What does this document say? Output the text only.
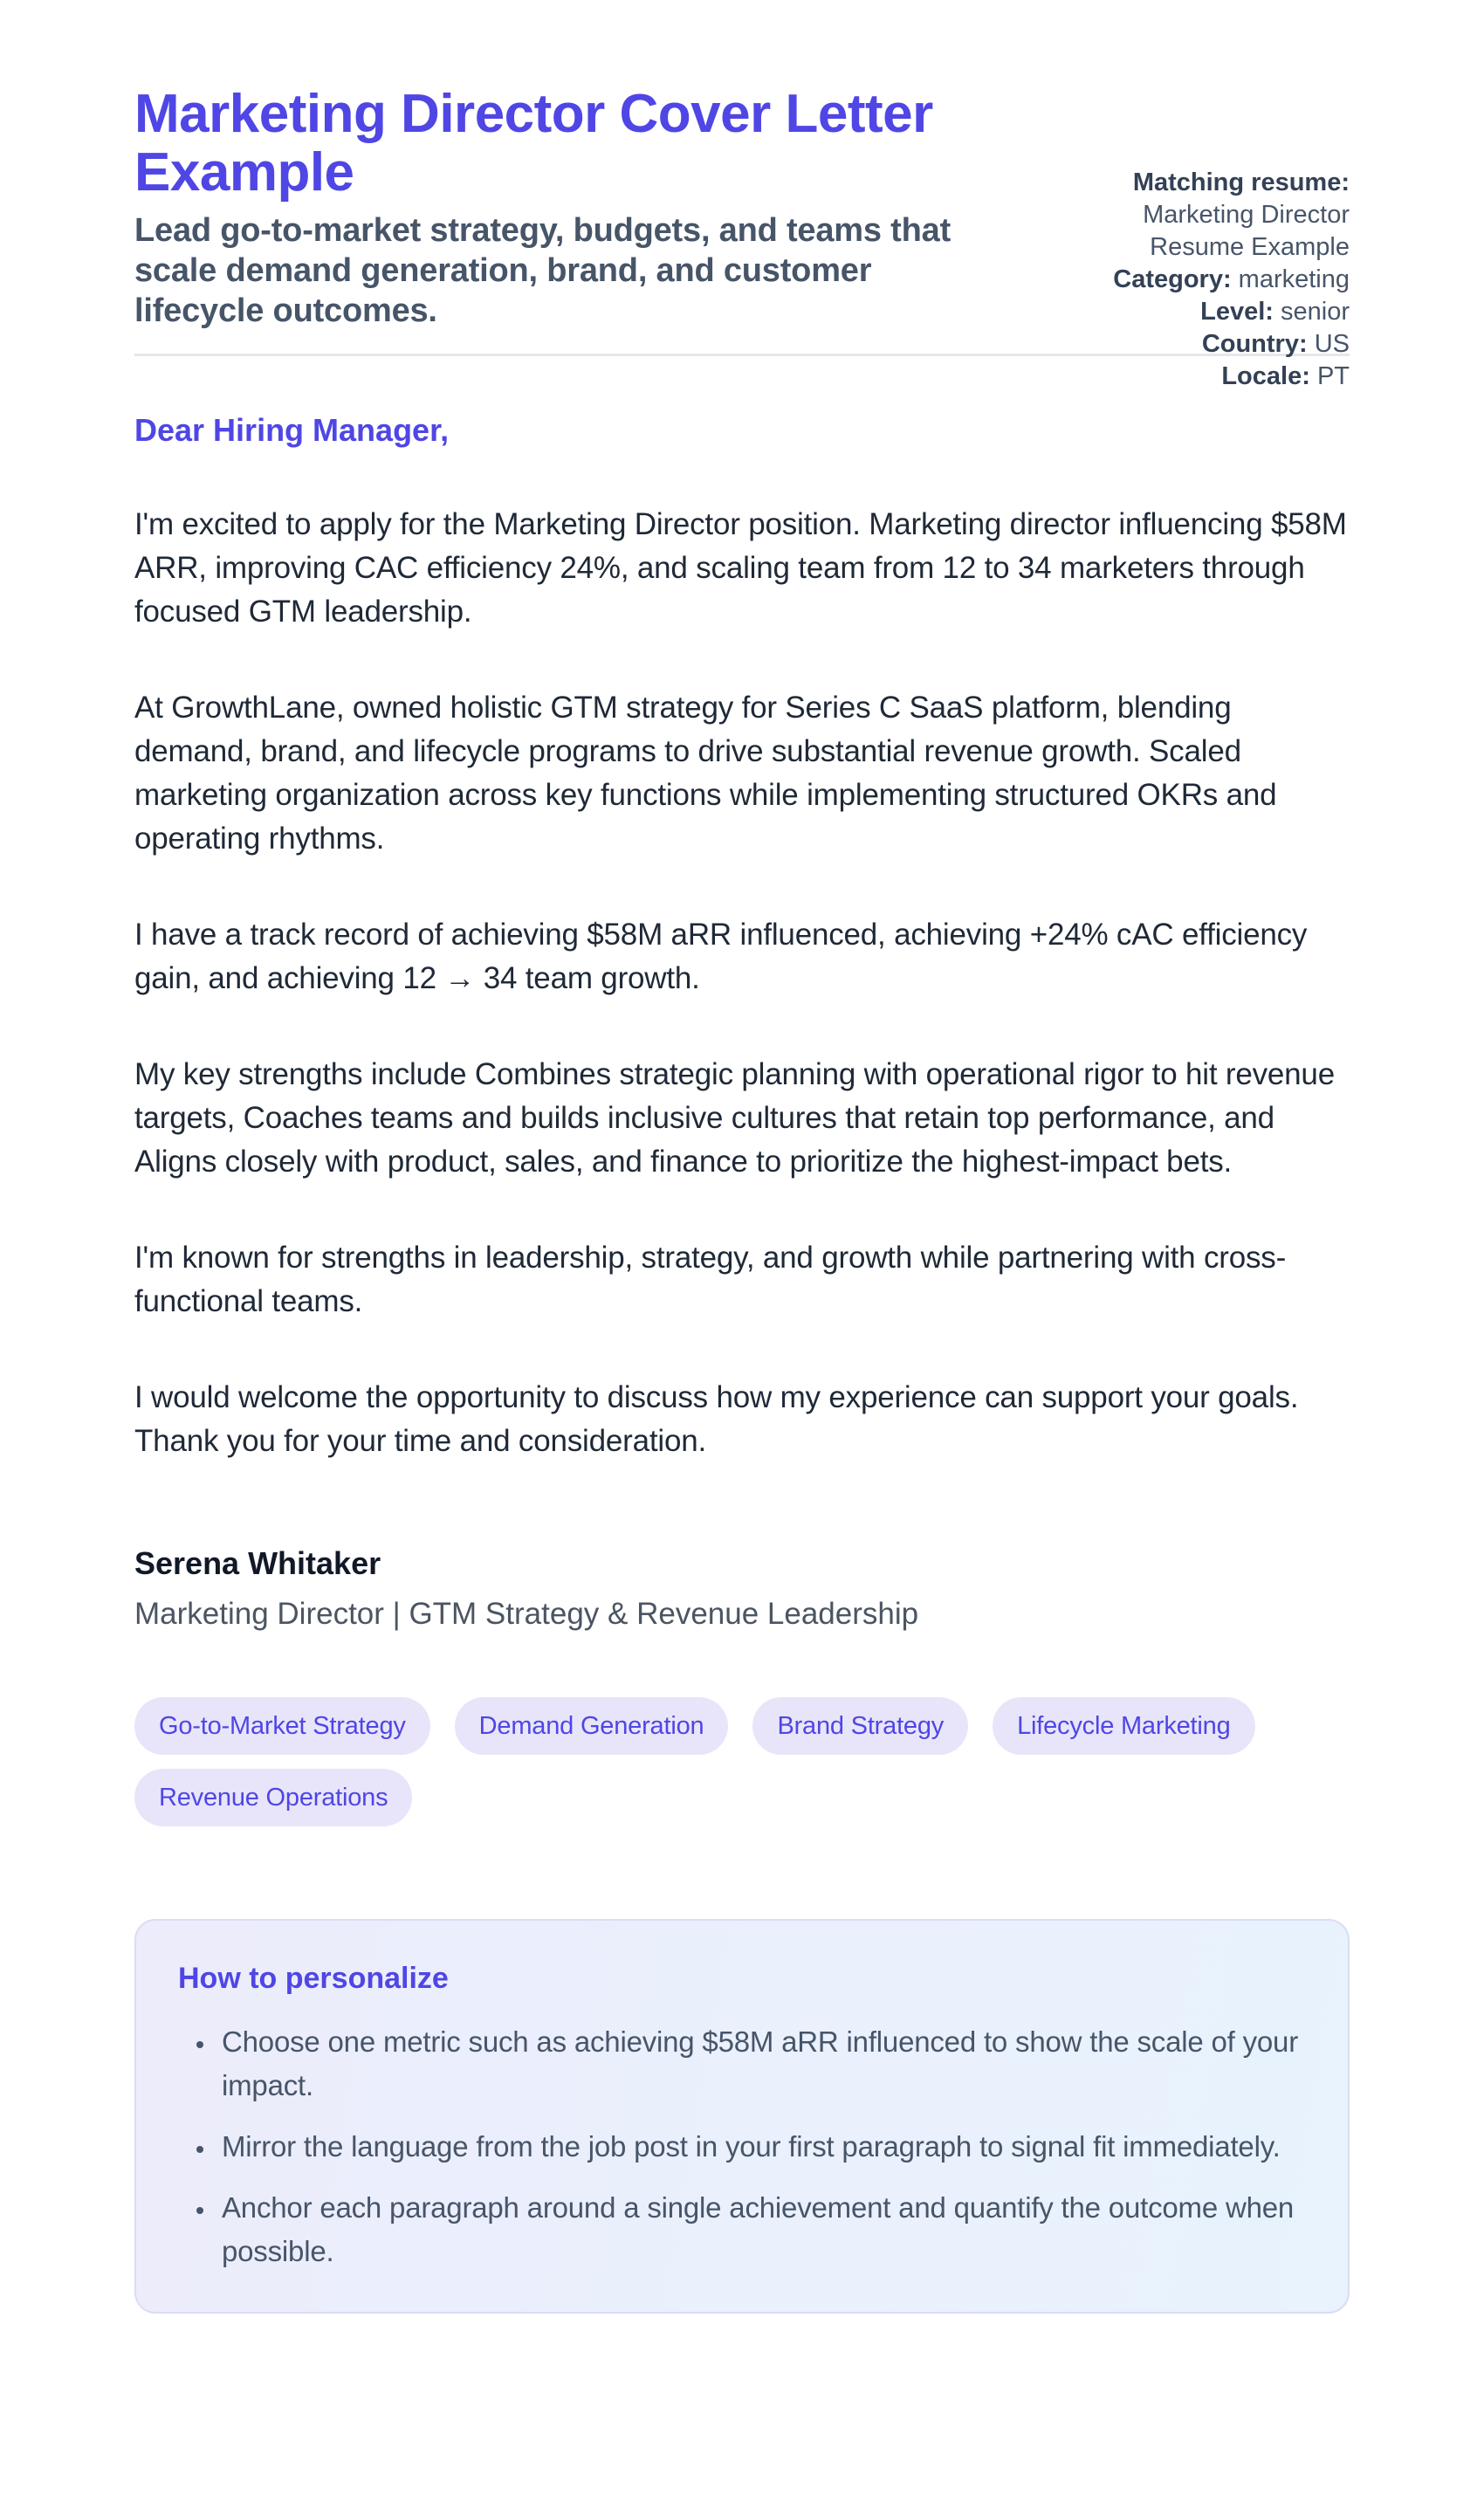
Marketing Director Cover Letter Example

Lead go-to-market strategy, budgets, and teams that scale demand generation, brand, and customer lifecycle outcomes.

Matching resume: Marketing Director Resume Example
Category: marketing
Level: senior
Country: US
Locale: PT

Dear Hiring Manager,

I'm excited to apply for the Marketing Director position. Marketing director influencing $58M ARR, improving CAC efficiency 24%, and scaling team from 12 to 34 marketers through focused GTM leadership.

At GrowthLane, owned holistic GTM strategy for Series C SaaS platform, blending demand, brand, and lifecycle programs to drive substantial revenue growth. Scaled marketing organization across key functions while implementing structured OKRs and operating rhythms.

I have a track record of achieving $58M aRR influenced, achieving +24% cAC efficiency gain, and achieving 12 → 34 team growth.

My key strengths include Combines strategic planning with operational rigor to hit revenue targets, Coaches teams and builds inclusive cultures that retain top performance, and Aligns closely with product, sales, and finance to prioritize the highest-impact bets.

I'm known for strengths in leadership, strategy, and growth while partnering with cross-functional teams.

I would welcome the opportunity to discuss how my experience can support your goals. Thank you for your time and consideration.

Serena Whitaker

Marketing Director | GTM Strategy & Revenue Leadership

Go-to-Market Strategy	Demand Generation	Brand Strategy	Lifecycle Marketing
Revenue Operations
How to personalize
• Choose one metric such as achieving $58M aRR influenced to show the scale of your impact.
• Mirror the language from the job post in your first paragraph to signal fit immediately.
• Anchor each paragraph around a single achievement and quantify the outcome when possible.
